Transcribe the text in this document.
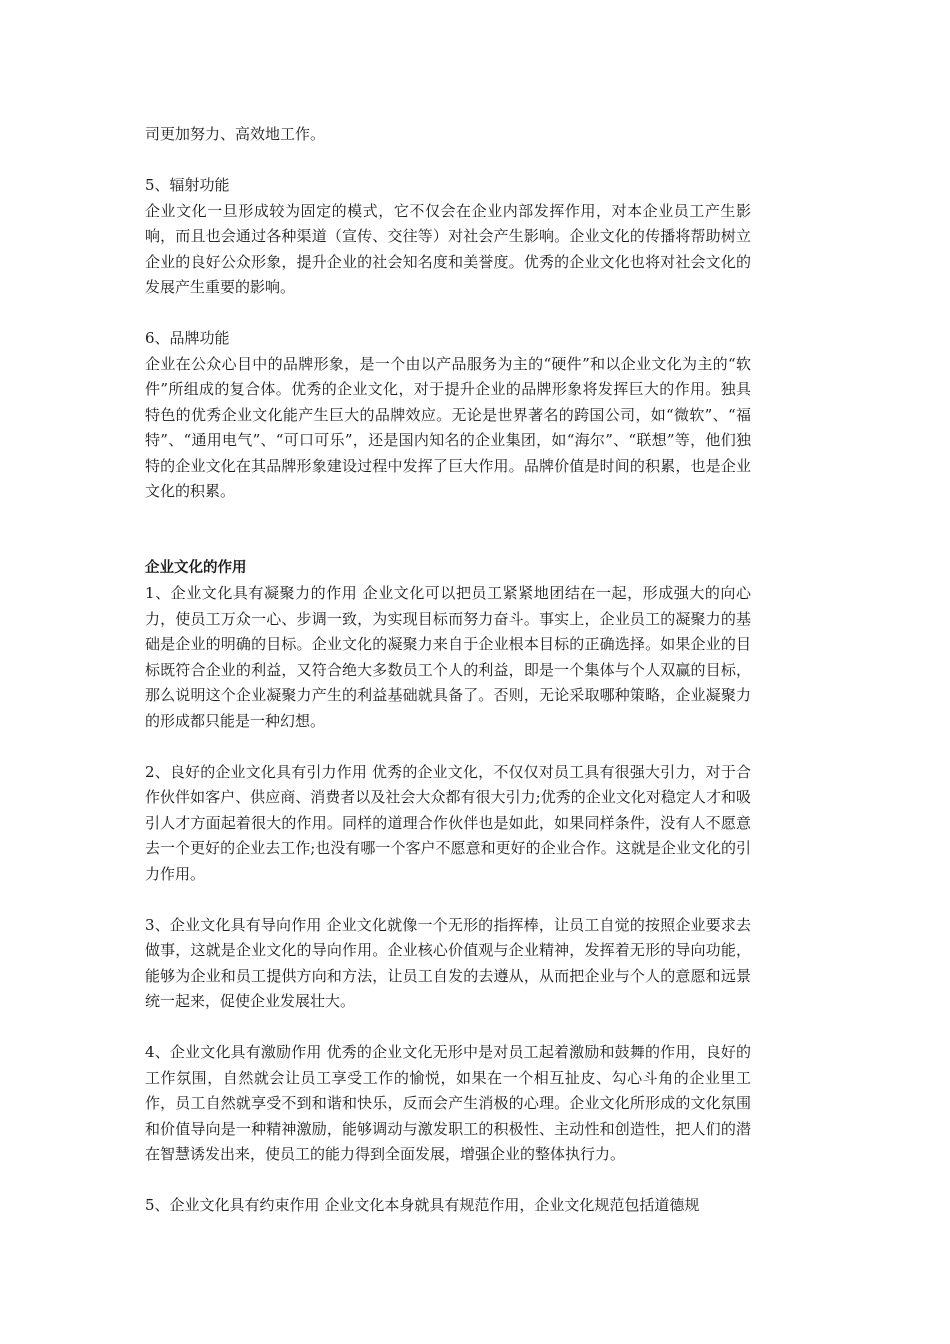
司更加努力、高效地工作。

5、辐射功能
企业文化一旦形成较为固定的模式，它不仅会在企业内部发挥作用，对本企业员工产生影响，而且也会通过各种渠道（宣传、交往等）对社会产生影响。企业文化的传播将帮助树立企业的良好公众形象，提升企业的社会知名度和美誉度。优秀的企业文化也将对社会文化的发展产生重要的影响。
6、品牌功能
企业在公众心目中的品牌形象，是一个由以产品服务为主的“硬件”和以企业文化为主的“软件”所组成的复合体。优秀的企业文化，对于提升企业的品牌形象将发挥巨大的作用。独具特色的优秀企业文化能产生巨大的品牌效应。无论是世界著名的跨国公司，如“微软”、“福特”、“通用电气”、“可口可乐”，还是国内知名的企业集团，如“海尔”、“联想”等，他们独特的企业文化在其品牌形象建设过程中发挥了巨大作用。品牌价值是时间的积累，也是企业文化的积累。
企业文化的作用
1、企业文化具有凝聚力的作用 企业文化可以把员工紧紧地团结在一起，形成强大的向心力，使员工万众一心、步调一致，为实现目标而努力奋斗。事实上，企业员工的凝聚力的基础是企业的明确的目标。企业文化的凝聚力来自于企业根本目标的正确选择。如果企业的目标既符合企业的利益，又符合绝大多数员工个人的利益，即是一个集体与个人双赢的目标，那么说明这个企业凝聚力产生的利益基础就具备了。否则，无论采取哪种策略，企业凝聚力的形成都只能是一种幻想。

2、良好的企业文化具有引力作用 优秀的企业文化，不仅仅对员工具有很强大引力，对于合作伙伴如客户、供应商、消费者以及社会大众都有很大引力;优秀的企业文化对稳定人才和吸引人才方面起着很大的作用。同样的道理合作伙伴也是如此，如果同样条件，没有人不愿意去一个更好的企业去工作;也没有哪一个客户不愿意和更好的企业合作。这就是企业文化的引力作用。

3、企业文化具有导向作用 企业文化就像一个无形的指挥棒，让员工自觉的按照企业要求去做事，这就是企业文化的导向作用。企业核心价值观与企业精神，发挥着无形的导向功能，能够为企业和员工提供方向和方法，让员工自发的去遵从，从而把企业与个人的意愿和远景统一起来，促使企业发展壮大。

4、企业文化具有激励作用 优秀的企业文化无形中是对员工起着激励和鼓舞的作用，良好的工作氛围，自然就会让员工享受工作的愉悦，如果在一个相互扯皮、勾心斗角的企业里工作，员工自然就享受不到和谐和快乐，反而会产生消极的心理。企业文化所形成的文化氛围和价值导向是一种精神激励，能够调动与激发职工的积极性、主动性和创造性，把人们的潜在智慧诱发出来，使员工的能力得到全面发展，增强企业的整体执行力。

5、企业文化具有约束作用 企业文化本身就具有规范作用，企业文化规范包括道德规
